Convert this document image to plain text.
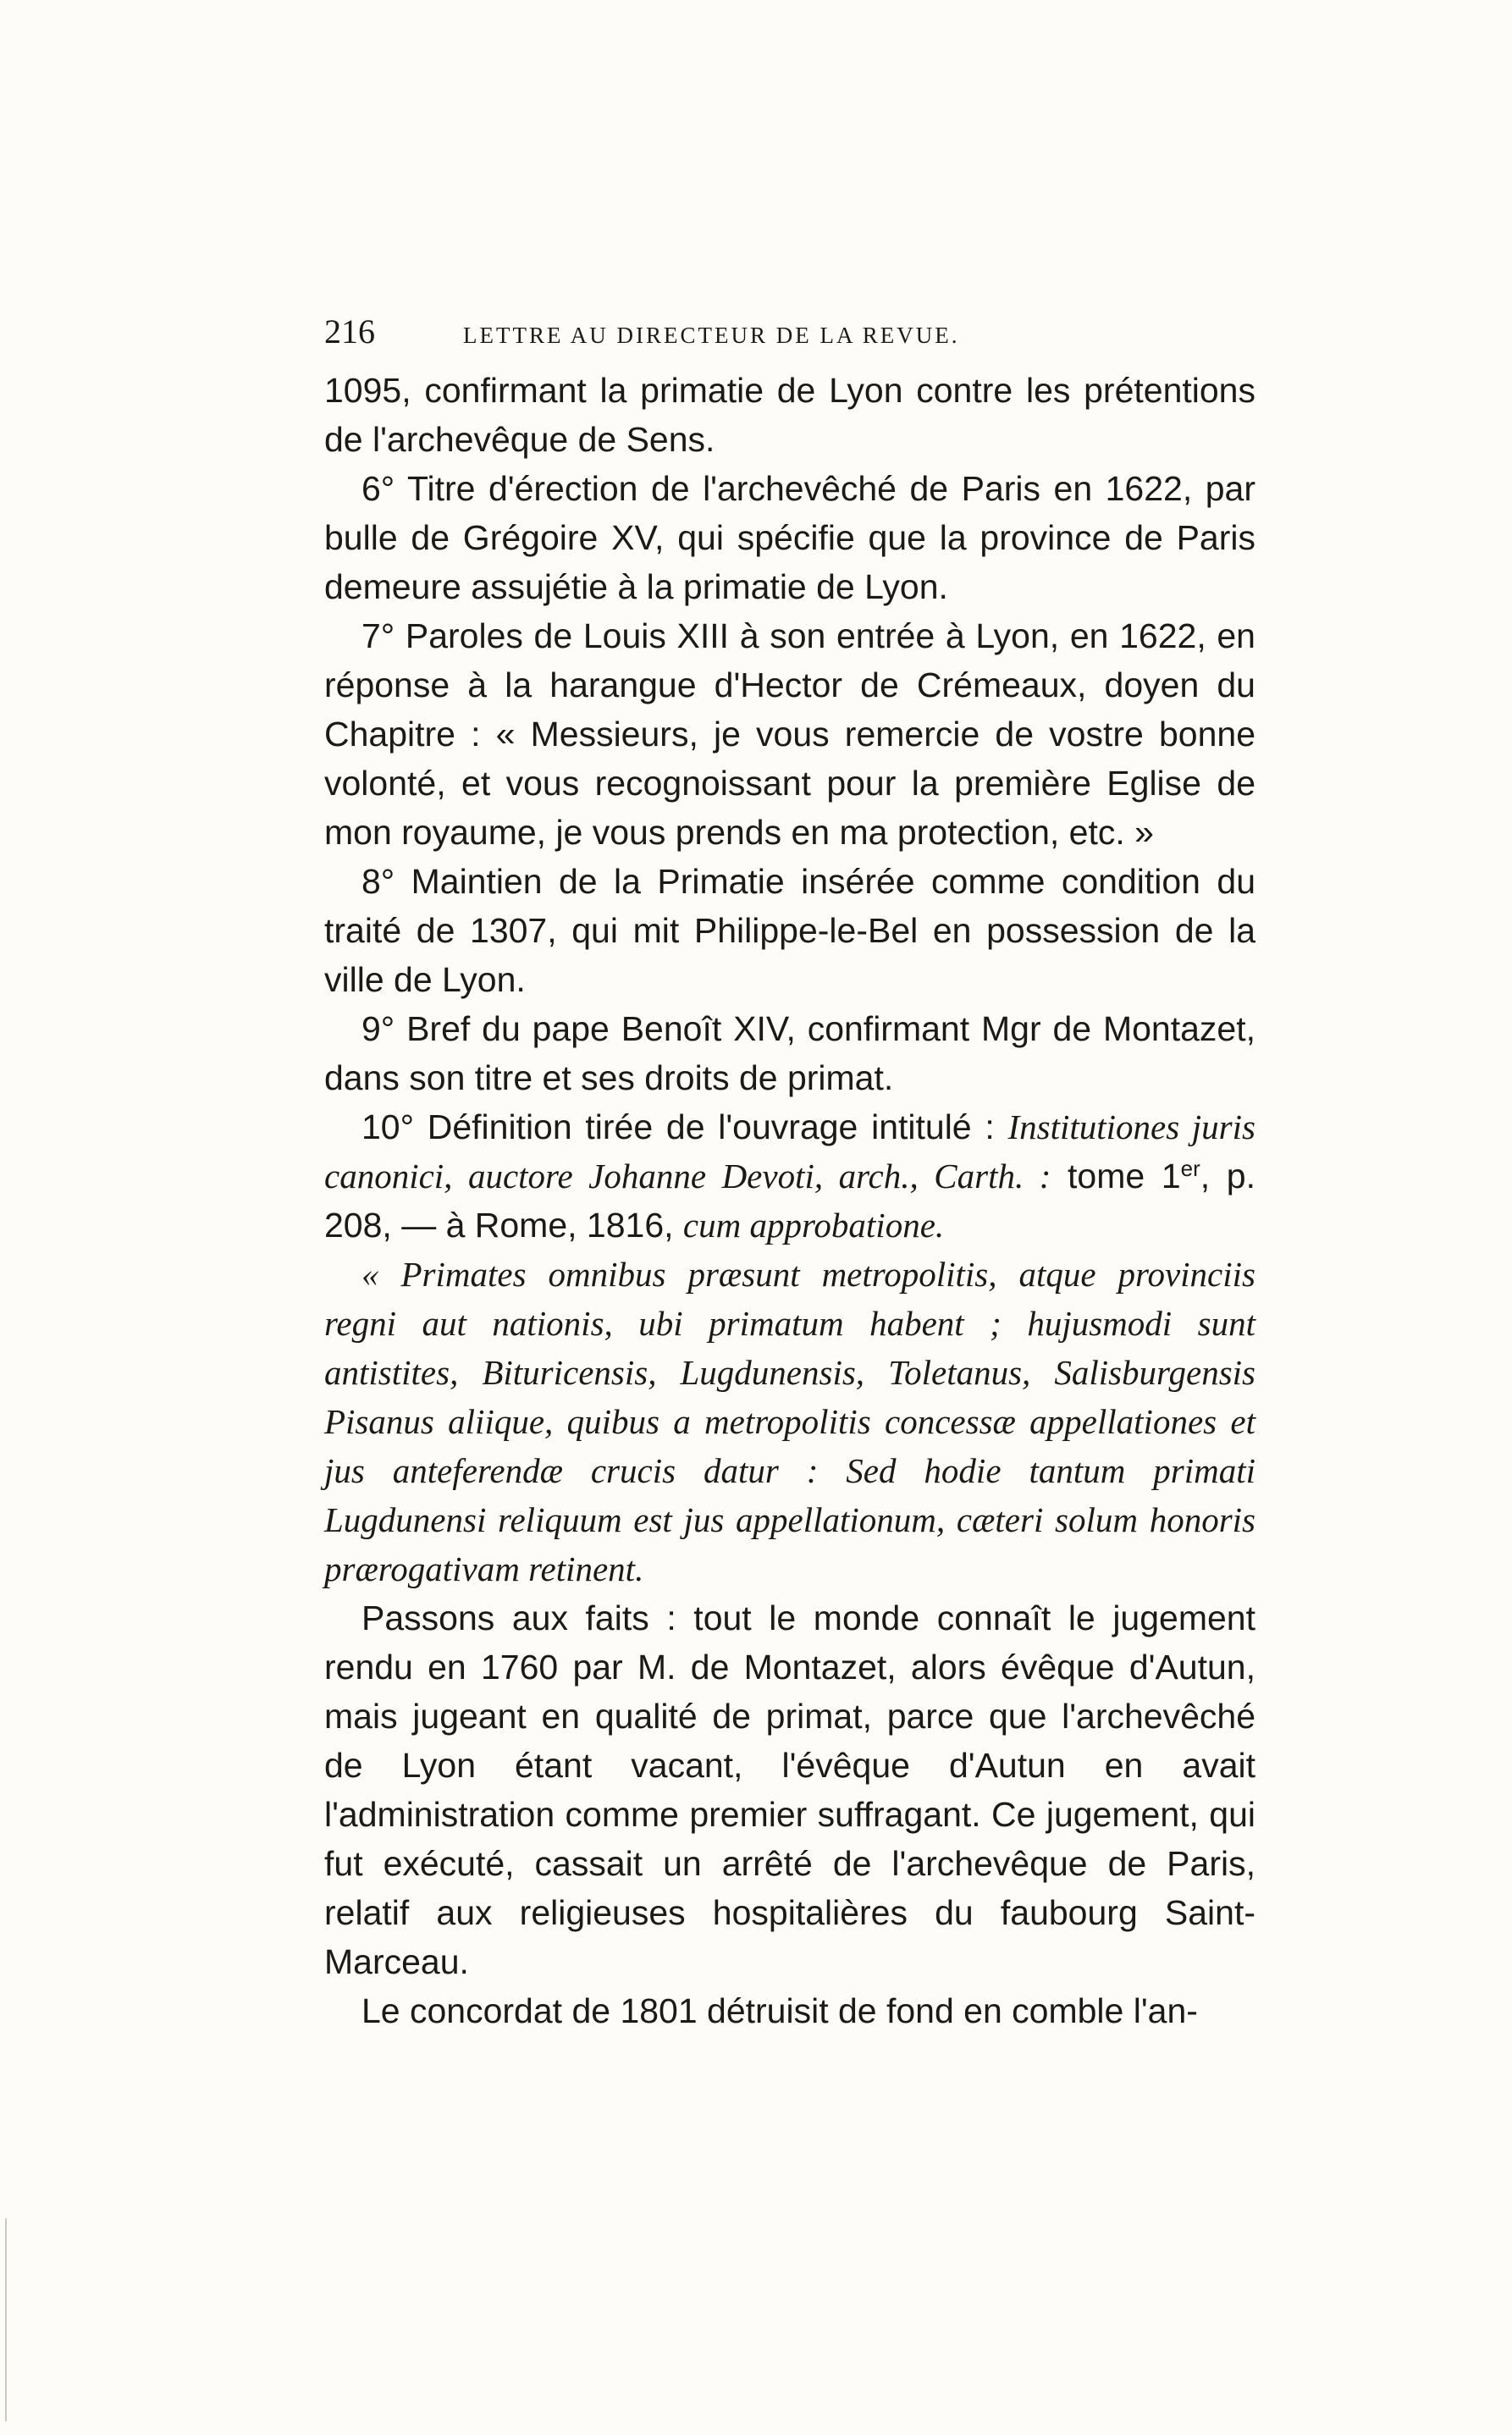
216	LETTRE AU DIRECTEUR DE LA REVUE.

1095, confirmant la primatie de Lyon contre les prétentions de l'archevêque de Sens.

6° Titre d'érection de l'archevêché de Paris en 1622, par bulle de Grégoire XV, qui spécifie que la province de Paris demeure assujétie à la primatie de Lyon.

7° Paroles de Louis XIII à son entrée à Lyon, en 1622, en réponse à la harangue d'Hector de Crémeaux, doyen du Chapitre : « Messieurs, je vous remercie de vostre bonne volonté, et vous recognoissant pour la première Eglise de mon royaume, je vous prends en ma protection, etc. »

8° Maintien de la Primatie insérée comme condition du traité de 1307, qui mit Philippe-le-Bel en possession de la ville de Lyon.

9° Bref du pape Benoît XIV, confirmant Mgr de Montazet, dans son titre et ses droits de primat.

10° Définition tirée de l'ouvrage intitulé : Institutiones juris canonici, auctore Johanne Devoti, arch., Carth. : tome 1er, p. 208, — à Rome, 1816, cum approbatione.

« Primates omnibus præsunt metropolitis, atque provinciis regni aut nationis, ubi primatum habent ; hujusmodi sunt antistites, Bituricensis, Lugdunensis, Toletanus, Salisburgensis Pisanus aliique, quibus a metropolitis concessæ appellationes et jus anteferendæ crucis datur : Sed hodie tantum primati Lugdunensi reliquum est jus appellationum, cæteri solum honoris prærogativam retinent.

Passons aux faits : tout le monde connaît le jugement rendu en 1760 par M. de Montazet, alors évêque d'Autun, mais jugeant en qualité de primat, parce que l'archevêché de Lyon étant vacant, l'évêque d'Autun en avait l'administration comme premier suffragant. Ce jugement, qui fut exécuté, cassait un arrêté de l'archevêque de Paris, relatif aux religieuses hospitalières du faubourg Saint-Marceau.

Le concordat de 1801 détruisit de fond en comble l'an-
